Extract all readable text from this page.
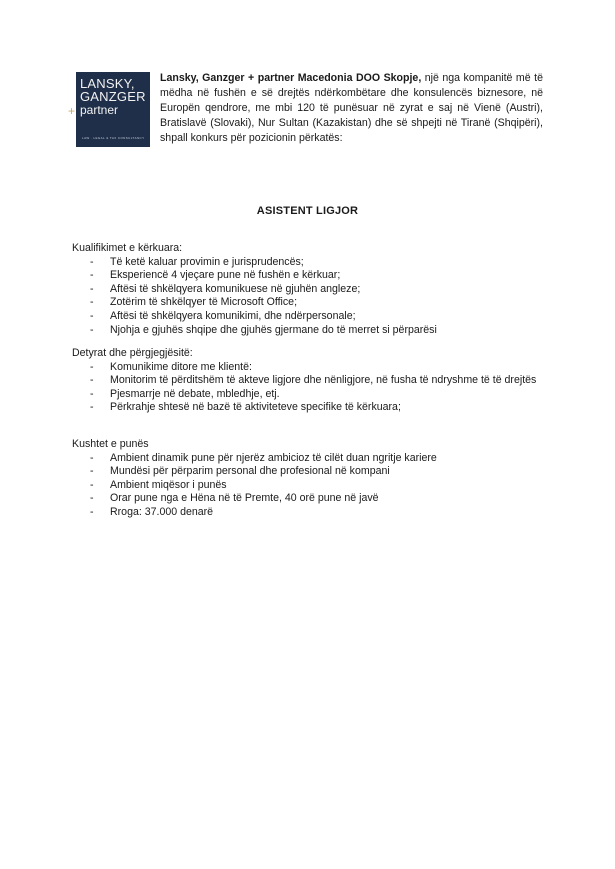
LANSKY,
GANZGER
+ partner
LAW · LEGAL & TAX CONSULTANCY
Lansky, Ganzger + partner Macedonia DOO Skopje, një nga kompanitë më të mëdha në fushën e së drejtës ndërkombëtare dhe konsulencës biznesore, në Europën qendrore, me mbi 120 të punësuar në zyrat e saj në Vienë (Austri), Bratislavë (Slovaki), Nur Sultan (Kazakistan) dhe së shpejti në Tiranë (Shqipëri), shpall konkurs për pozicionin përkatës:
ASISTENT LIGJOR

Kualifikimet e kërkuara:

- Të ketë kaluar provimin e jurisprudencës;
- Eksperiencë 4 vjeçare pune në fushën e kërkuar;
- Aftësi të shkëlqyera komunikuese në gjuhën angleze;
- Zotërim të shkëlqyer të Microsoft Office;
- Aftësi të shkëlqyera komunikimi, dhe ndërpersonale;
- Njohja e gjuhës shqipe dhe gjuhës gjermane do të merret si përparësi

Detyrat dhe përgjegjësitë:

- Komunikime ditore me klientë:
- Monitorim të përditshëm të akteve ligjore dhe nënligjore, në fusha të ndryshme të të drejtës
- Pjesmarrje në debate, mbledhje, etj.
- Përkrahje shtesë në bazë të aktiviteteve specifike të kërkuara;

Kushtet e punës

- Ambient dinamik pune për njerëz ambicioz të cilët duan ngritje kariere
- Mundësi për përparim personal dhe profesional në kompani
- Ambient miqësor i punës
- Orar pune nga e Hëna në të Premte, 40 orë pune në javë
- Rroga: 37.000 denarë
